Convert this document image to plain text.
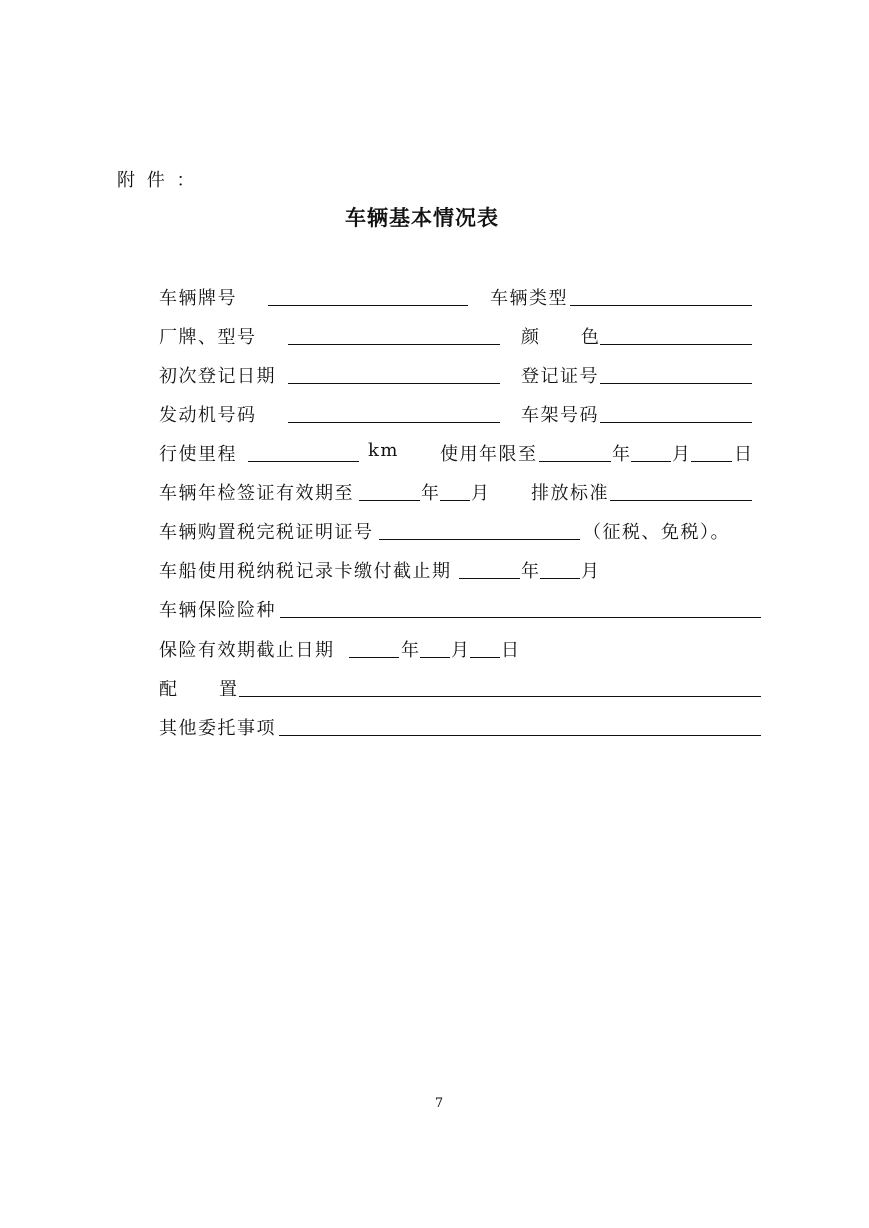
附 件 ：
车辆基本情况表
车辆牌号	车辆类型
厂牌、型号	颜 色
初次登记日期	登记证号
发动机号码	车架号码
行使里程	km 使用年限至	年 月 日
车辆年检签证有效期至	年 月 排放标准
车辆购置税完税证明证号	（征税、免税）。
车船使用税纳税记录卡缴付截止期	年 月
车辆保险险种
保险有效期截止日期	年 月 日
配 置
其他委托事项
7
